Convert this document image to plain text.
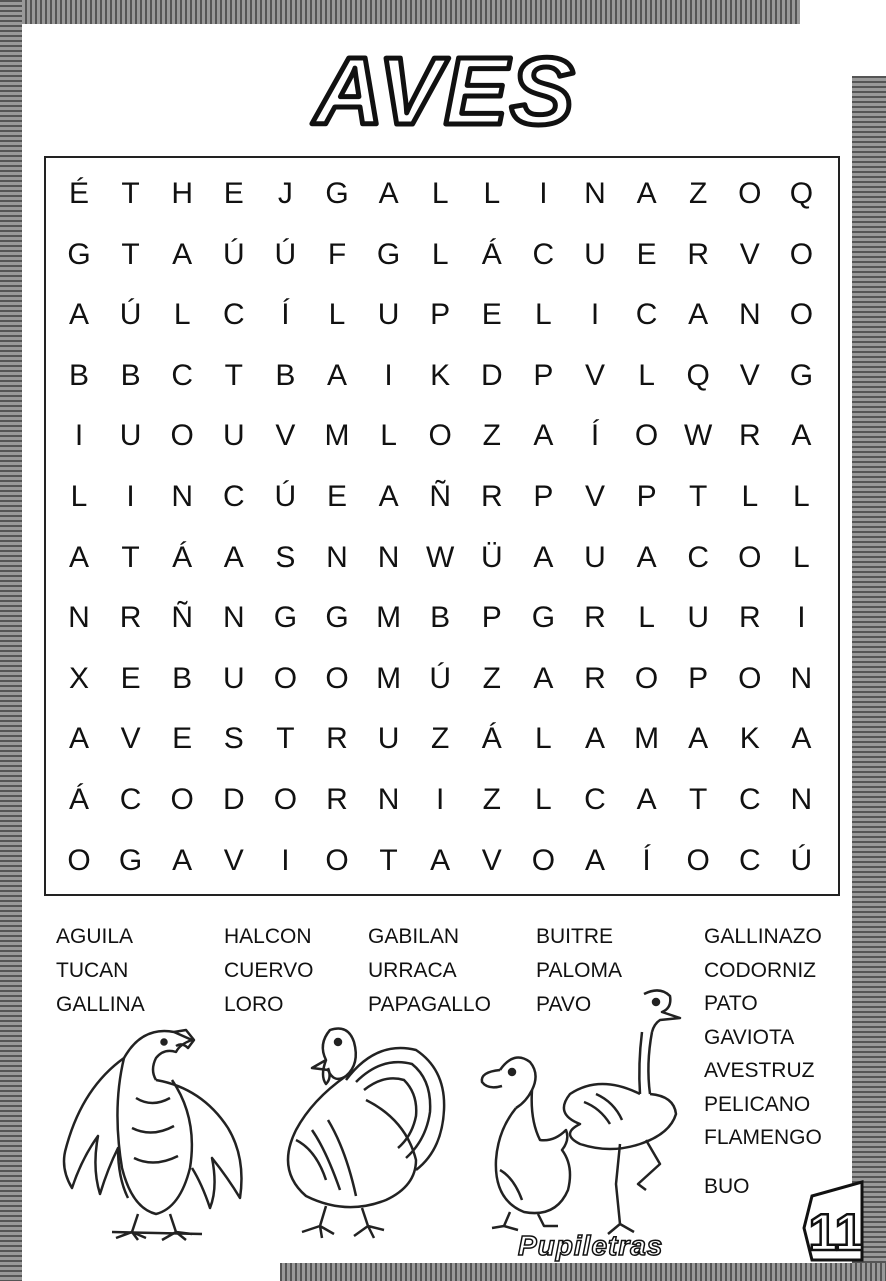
AVES
É	T	H	E	J	G A	L	L	I	N	A	Z	O Q
G	T	A	Ú Ú	F	G	L	Á	C U	E	R	V O
A	Ú	L	C	Í	L	U	P	E	L	I	C	A	N O
B	B	C	T	B	A	I	K	D	P	V	L	Q V G
I	U O U	V M	L	O	Z	A	Í	O W R	A
L	I	N C Ú	E	A	Ñ R	P	V	P	T	L	L
A	T	Á	A	S	N N W Ü	A	U	A	C O	L
N R Ñ N G G M B	P G R	L	U R	I
X	E	B	U O O M Ú	Z	A	R O P O N
A	V	E	S	T	R U	Z	Á	L	A M A	K	A
Á	C O D O R N	I	Z	L	C	A	T	C N
O G A	V	I	O	T	A	V O A	Í	O C Ú
AGUILA
TUCAN
GALLINA
HALCON
CUERVO
LORO
GABILAN
URRACA
PAPAGALLO
BUITRE
PALOMA
PAVO
GALLINAZO
CODORNIZ
PATO
GAVIOTA
AVESTRUZ
PELICANO
FLAMENGO
BUO
Pupiletras	11
